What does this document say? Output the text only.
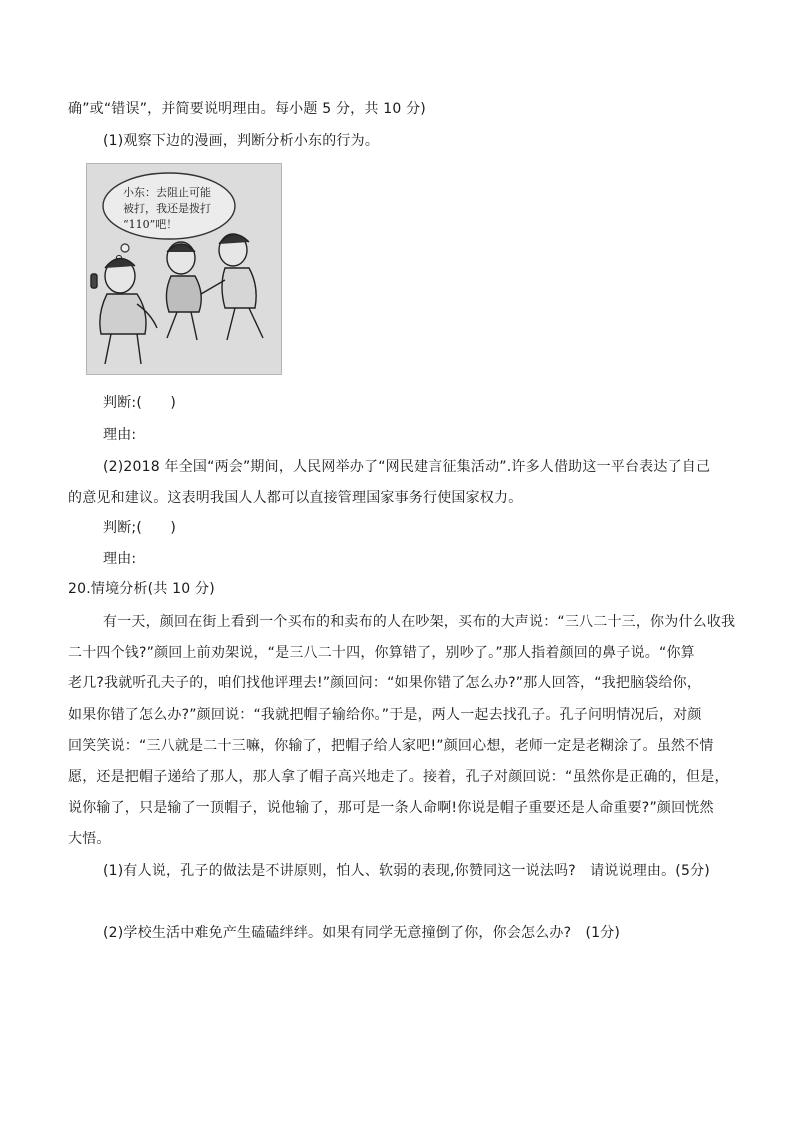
确”或“错误”，并简要说明理由。每小题 5 分，共 10 分)
(1)观察下边的漫画，判断分析小东的行为。
小东：去阻止可能
被打，我还是拨打
“110”吧！
判断:(　　)
理由:
(2)2018 年全国“两会”期间，人民网举办了“网民建言征集活动”.许多人借助这一平台表达了自己
的意见和建议。这表明我国人人都可以直接管理国家事务行使国家权力。
判断;(　　)
理由:
20.情境分析(共 10 分)
有一天，颜回在街上看到一个买布的和卖布的人在吵架，买布的大声说：“三八二十三，你为什么收我
二十四个钱?”颜回上前劝架说，“是三八二十四，你算错了，别吵了。”那人指着颜回的鼻子说。“你算
老几?我就听孔夫子的，咱们找他评理去!”颜回问：“如果你错了怎么办?”那人回答，“我把脑袋给你，
如果你错了怎么办?”颜回说：“我就把帽子输给你。”于是，两人一起去找孔子。孔子问明情况后，对颜
回笑笑说：“三八就是二十三嘛，你输了，把帽子给人家吧!”颜回心想，老师一定是老糊涂了。虽然不情
愿，还是把帽子递给了那人，那人拿了帽子高兴地走了。接着，孔子对颜回说：“虽然你是正确的，但是，
说你输了，只是输了一顶帽子，说他输了，那可是一条人命啊!你说是帽子重要还是人命重要?”颜回恍然
大悟。
(1)有人说，孔子的做法是不讲原则，怕人、软弱的表现,你赞同这一说法吗?　请说说理由。(5分)
(2)学校生活中难免产生磕磕绊绊。如果有同学无意撞倒了你，你会怎么办?　(1分)
